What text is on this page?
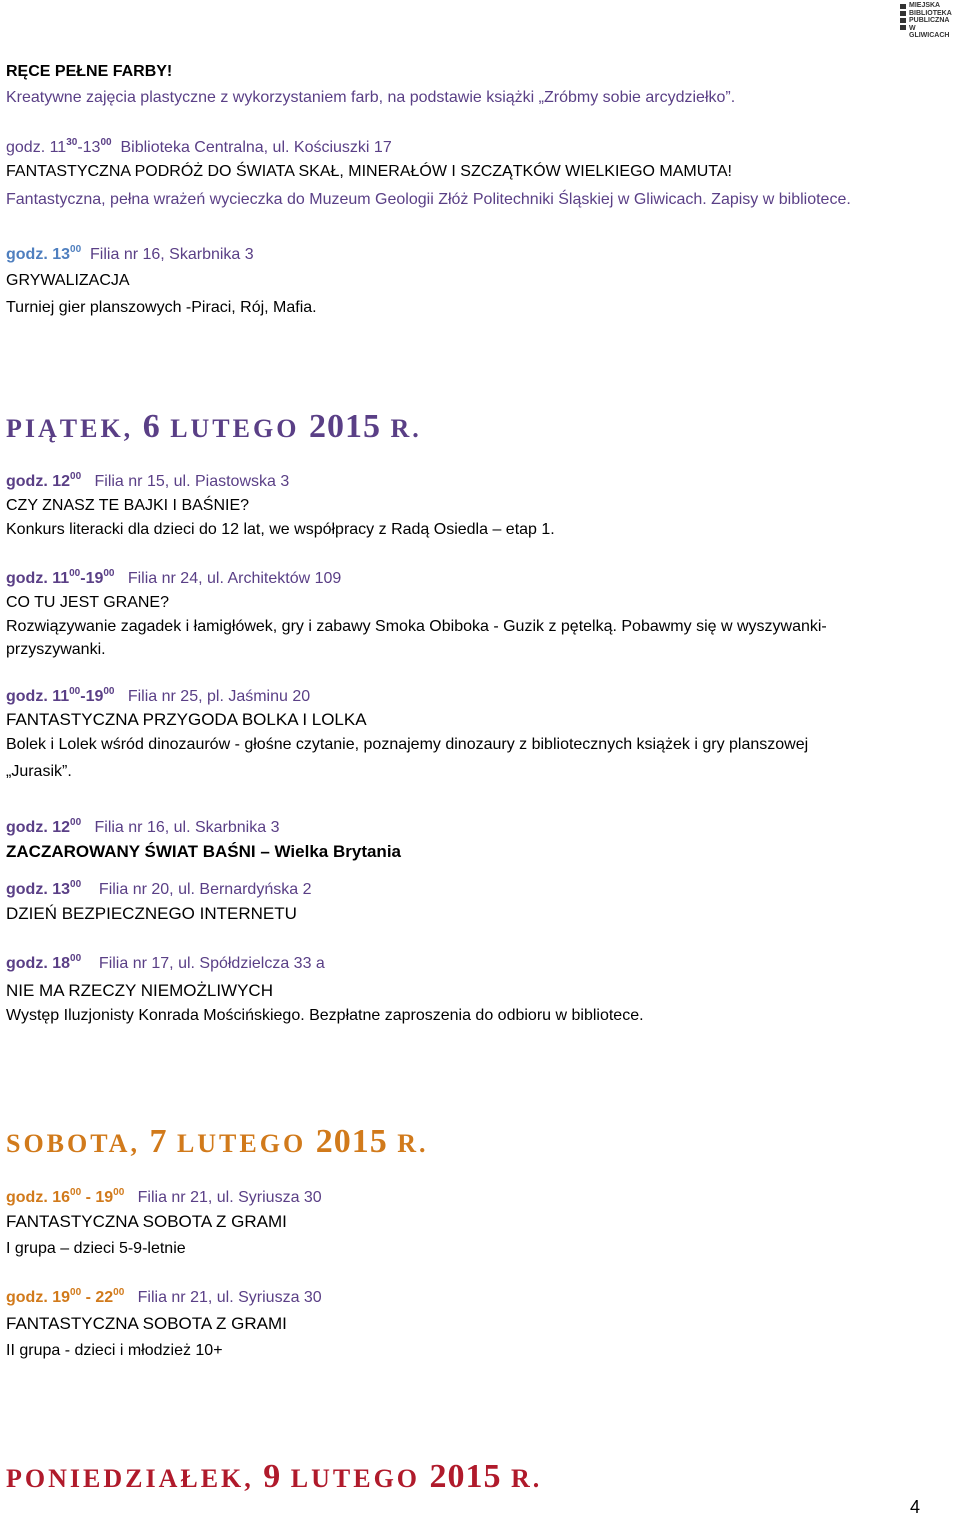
MIEJSKA
BIBLIOTEKA
PUBLICZNA
W GLIWICACH
RĘCE PEŁNE FARBY!
Kreatywne zajęcia plastyczne z wykorzystaniem farb, na podstawie książki „Zróbmy sobie arcydziełko”.
godz. $11^{30}-13^{00}$ Biblioteka Centralna, ul. Kościuszki 17
FANTASTYCZNA PODRÓŻ DO ŚWIATA SKAŁ, MINERAŁÓW I SZCZĄTKÓW WIELKIEGO MAMUTA!
Fantastyczna, pełna wrażeń wycieczka do Muzeum Geologii Złóż Politechniki Śląskiej w Gliwicach. Zapisy w bibliotece.
godz. $13^{00}$ Filia nr 16, Skarbnika 3
GRYWALIZACJA
Turniej gier planszowych -Piraci, Rój, Mafia.
PIĄTEK, 6 LUTEGO 2015 R.
godz. $12^{00}$ Filia nr 15, ul. Piastowska 3
CZY ZNASZ TE BAJKI I BAŚNIE?
Konkurs literacki dla dzieci do 12 lat, we współpracy z Radą Osiedla – etap 1.
godz. $11^{00}-19^{00}$ Filia nr 24, ul. Architektów 109
CO TU JEST GRANE?
Rozwiązywanie zagadek i łamigłówek, gry i zabawy Smoka Obiboka - Guzik z pętelką. Pobawmy się w wyszywanki-
przyszywanki.
godz. $11^{00}-19^{00}$ Filia nr 25, pl. Jaśminu 20
FANTASTYCZNA PRZYGODA BOLKA I LOLKA
Bolek i Lolek wśród dinozaurów - głośne czytanie, poznajemy dinozaury z bibliotecznych książek i gry planszowej
„Jurasik”.
godz. $12^{00}$ Filia nr 16, ul. Skarbnika 3
ZACZAROWANY ŚWIAT BAŚNI – Wielka Brytania
godz. $13^{00}$ Filia nr 20, ul. Bernardyńska 2
DZIEŃ BEZPIECZNEGO INTERNETU
godz. $18^{00}$ Filia nr 17, ul. Spółdzielcza 33 a
NIE MA RZECZY NIEMOŻLIWYCH
Występ Iluzjonisty Konrada Mościńskiego. Bezpłatne zaproszenia do odbioru w bibliotece.
SOBOTA, 7 LUTEGO 2015 R.
godz. $16^{00} - 19^{00}$ Filia nr 21, ul. Syriusza 30
FANTASTYCZNA SOBOTA Z GRAMI
I grupa – dzieci 5-9-letnie
godz. $19^{00} - 22^{00}$ Filia nr 21, ul. Syriusza 30
FANTASTYCZNA SOBOTA Z GRAMI
II grupa - dzieci i młodzież 10+
PONIEDZIAŁEK, 9 LUTEGO 2015 R.
4
